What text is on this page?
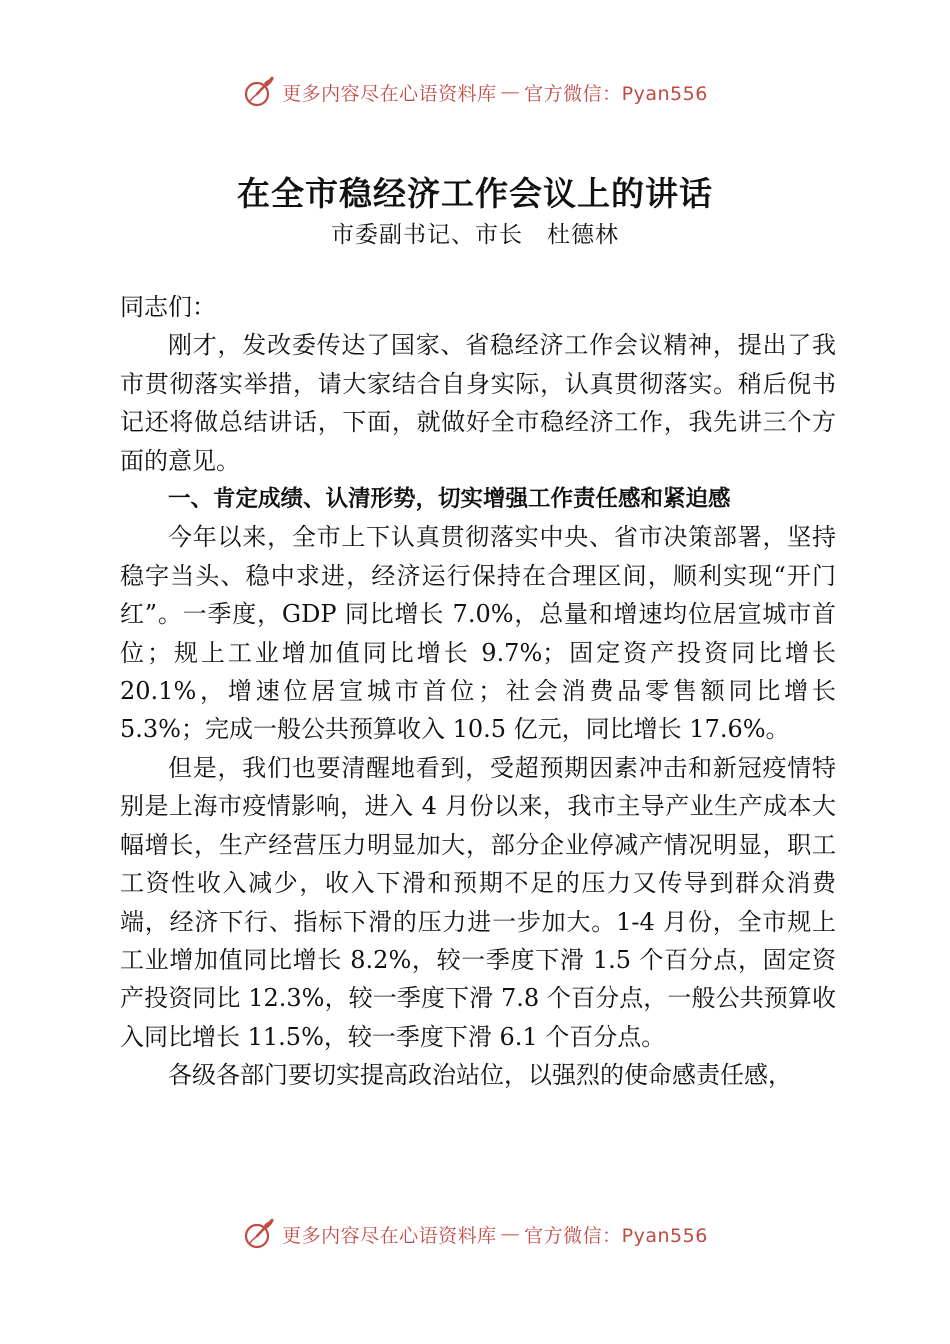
更多内容尽在心语资料库 — 官方微信：Pyan556
在全市稳经济工作会议上的讲话
市委副书记、市长　杜德林

同志们：

刚才，发改委传达了国家、省稳经济工作会议精神，提出了我市贯彻落实举措，请大家结合自身实际，认真贯彻落实。稍后倪书记还将做总结讲话，下面，就做好全市稳经济工作，我先讲三个方面的意见。

一、肯定成绩、认清形势，切实增强工作责任感和紧迫感

今年以来，全市上下认真贯彻落实中央、省市决策部署，坚持稳字当头、稳中求进，经济运行保持在合理区间，顺利实现“开门红”。一季度，GDP 同比增长 7.0%，总量和增速均位居宣城市首位；规上工业增加值同比增长 9.7%；固定资产投资同比增长 20.1%，增速位居宣城市首位；社会消费品零售额同比增长 5.3%；完成一般公共预算收入 10.5 亿元，同比增长 17.6%。

但是，我们也要清醒地看到，受超预期因素冲击和新冠疫情特别是上海市疫情影响，进入 4 月份以来，我市主导产业生产成本大幅增长，生产经营压力明显加大，部分企业停减产情况明显，职工工资性收入减少，收入下滑和预期不足的压力又传导到群众消费端，经济下行、指标下滑的压力进一步加大。1-4 月份，全市规上工业增加值同比增长 8.2%，较一季度下滑 1.5 个百分点，固定资产投资同比 12.3%，较一季度下滑 7.8 个百分点，一般公共预算收入同比增长 11.5%，较一季度下滑 6.1 个百分点。

各级各部门要切实提高政治站位，以强烈的使命感责任感，

更多内容尽在心语资料库 — 官方微信：Pyan556
